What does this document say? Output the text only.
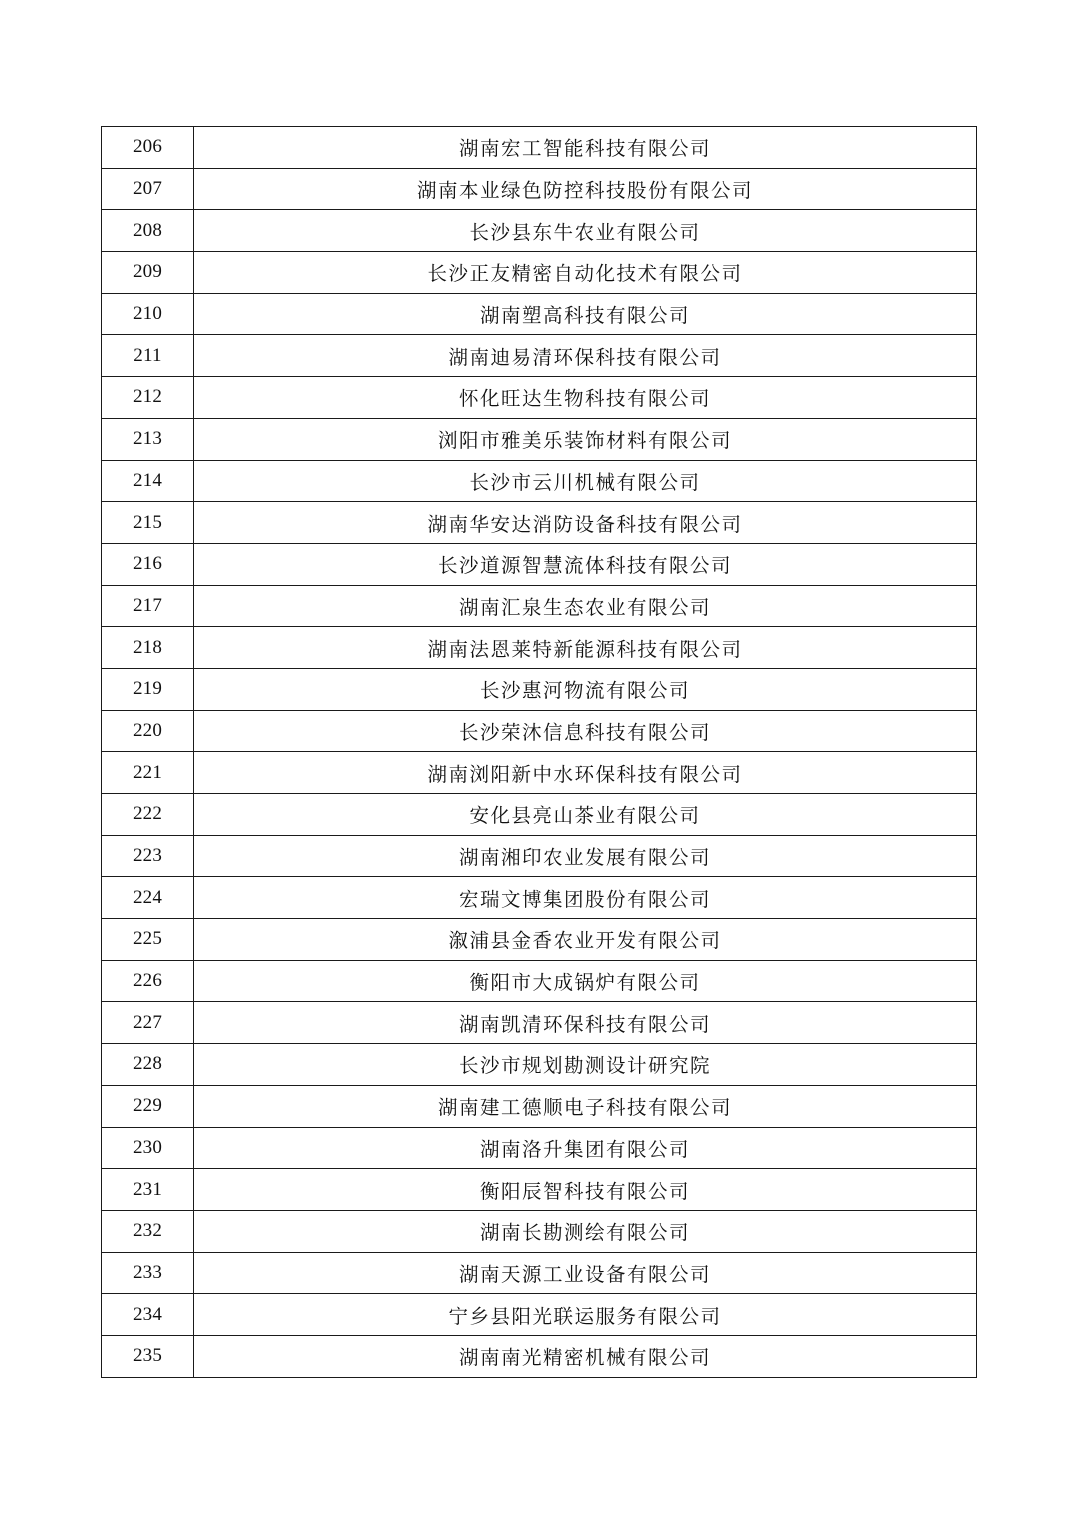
206	湖南宏工智能科技有限公司
207	湖南本业绿色防控科技股份有限公司
208	长沙县东牛农业有限公司
209	长沙正友精密自动化技术有限公司
210	湖南塑高科技有限公司
211	湖南迪易清环保科技有限公司
212	怀化旺达生物科技有限公司
213	浏阳市雅美乐装饰材料有限公司
214	长沙市云川机械有限公司
215	湖南华安达消防设备科技有限公司
216	长沙道源智慧流体科技有限公司
217	湖南汇泉生态农业有限公司
218	湖南法恩莱特新能源科技有限公司
219	长沙惠河物流有限公司
220	长沙荣沐信息科技有限公司
221	湖南浏阳新中水环保科技有限公司
222	安化县亮山茶业有限公司
223	湖南湘印农业发展有限公司
224	宏瑞文博集团股份有限公司
225	溆浦县金香农业开发有限公司
226	衡阳市大成锅炉有限公司
227	湖南凯清环保科技有限公司
228	长沙市规划勘测设计研究院
229	湖南建工德顺电子科技有限公司
230	湖南洛升集团有限公司
231	衡阳辰智科技有限公司
232	湖南长勘测绘有限公司
233	湖南天源工业设备有限公司
234	宁乡县阳光联运服务有限公司
235	湖南南光精密机械有限公司
